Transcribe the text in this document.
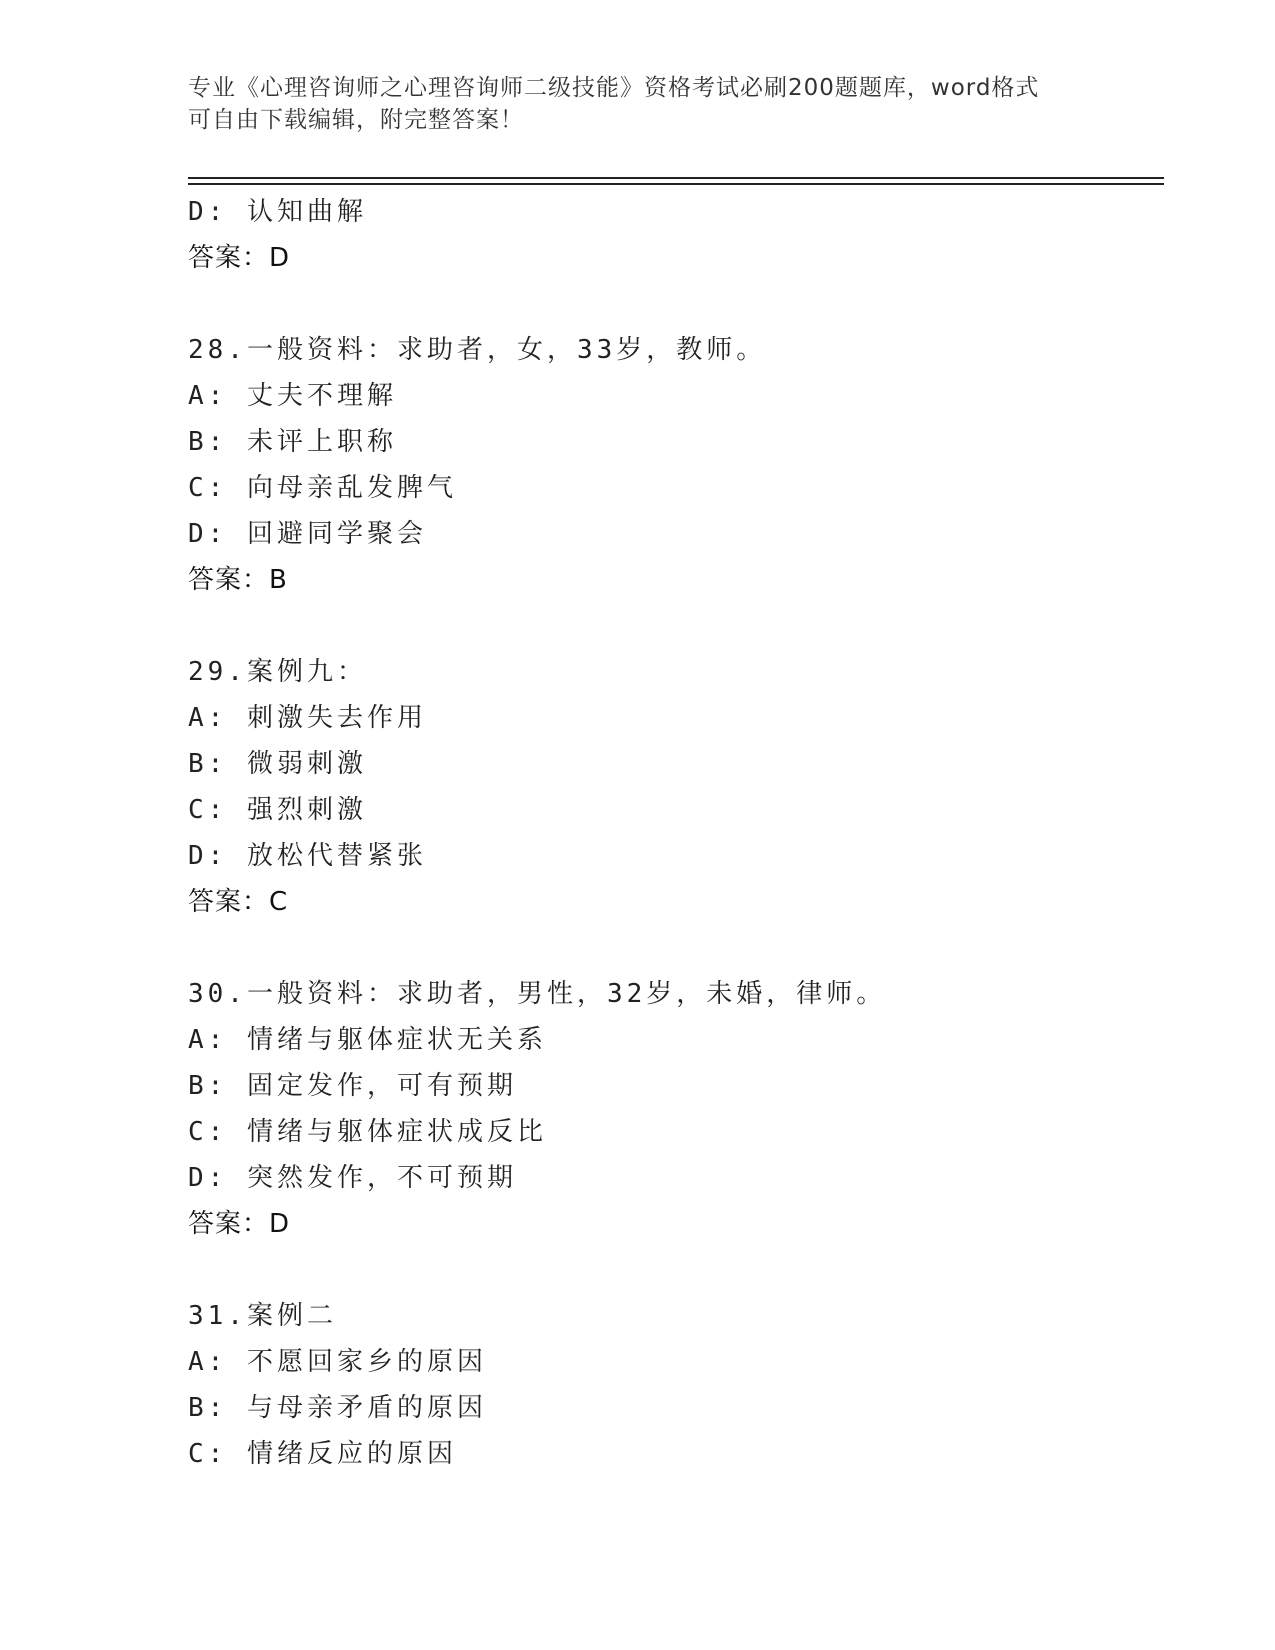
专业《心理咨询师之心理咨询师二级技能》资格考试必刷200题题库，word格式
可自由下载编辑，附完整答案！
D: 认知曲解
答案：D
28.一般资料：求助者，女，33岁，教师。
A: 丈夫不理解
B: 未评上职称
C: 向母亲乱发脾气
D: 回避同学聚会
答案：B
29.案例九：
A: 刺激失去作用
B: 微弱刺激
C: 强烈刺激
D: 放松代替紧张
答案：C
30.一般资料：求助者，男性，32岁，未婚，律师。
A: 情绪与躯体症状无关系
B: 固定发作，可有预期
C: 情绪与躯体症状成反比
D: 突然发作，不可预期
答案：D
31.案例二
A: 不愿回家乡的原因
B: 与母亲矛盾的原因
C: 情绪反应的原因
